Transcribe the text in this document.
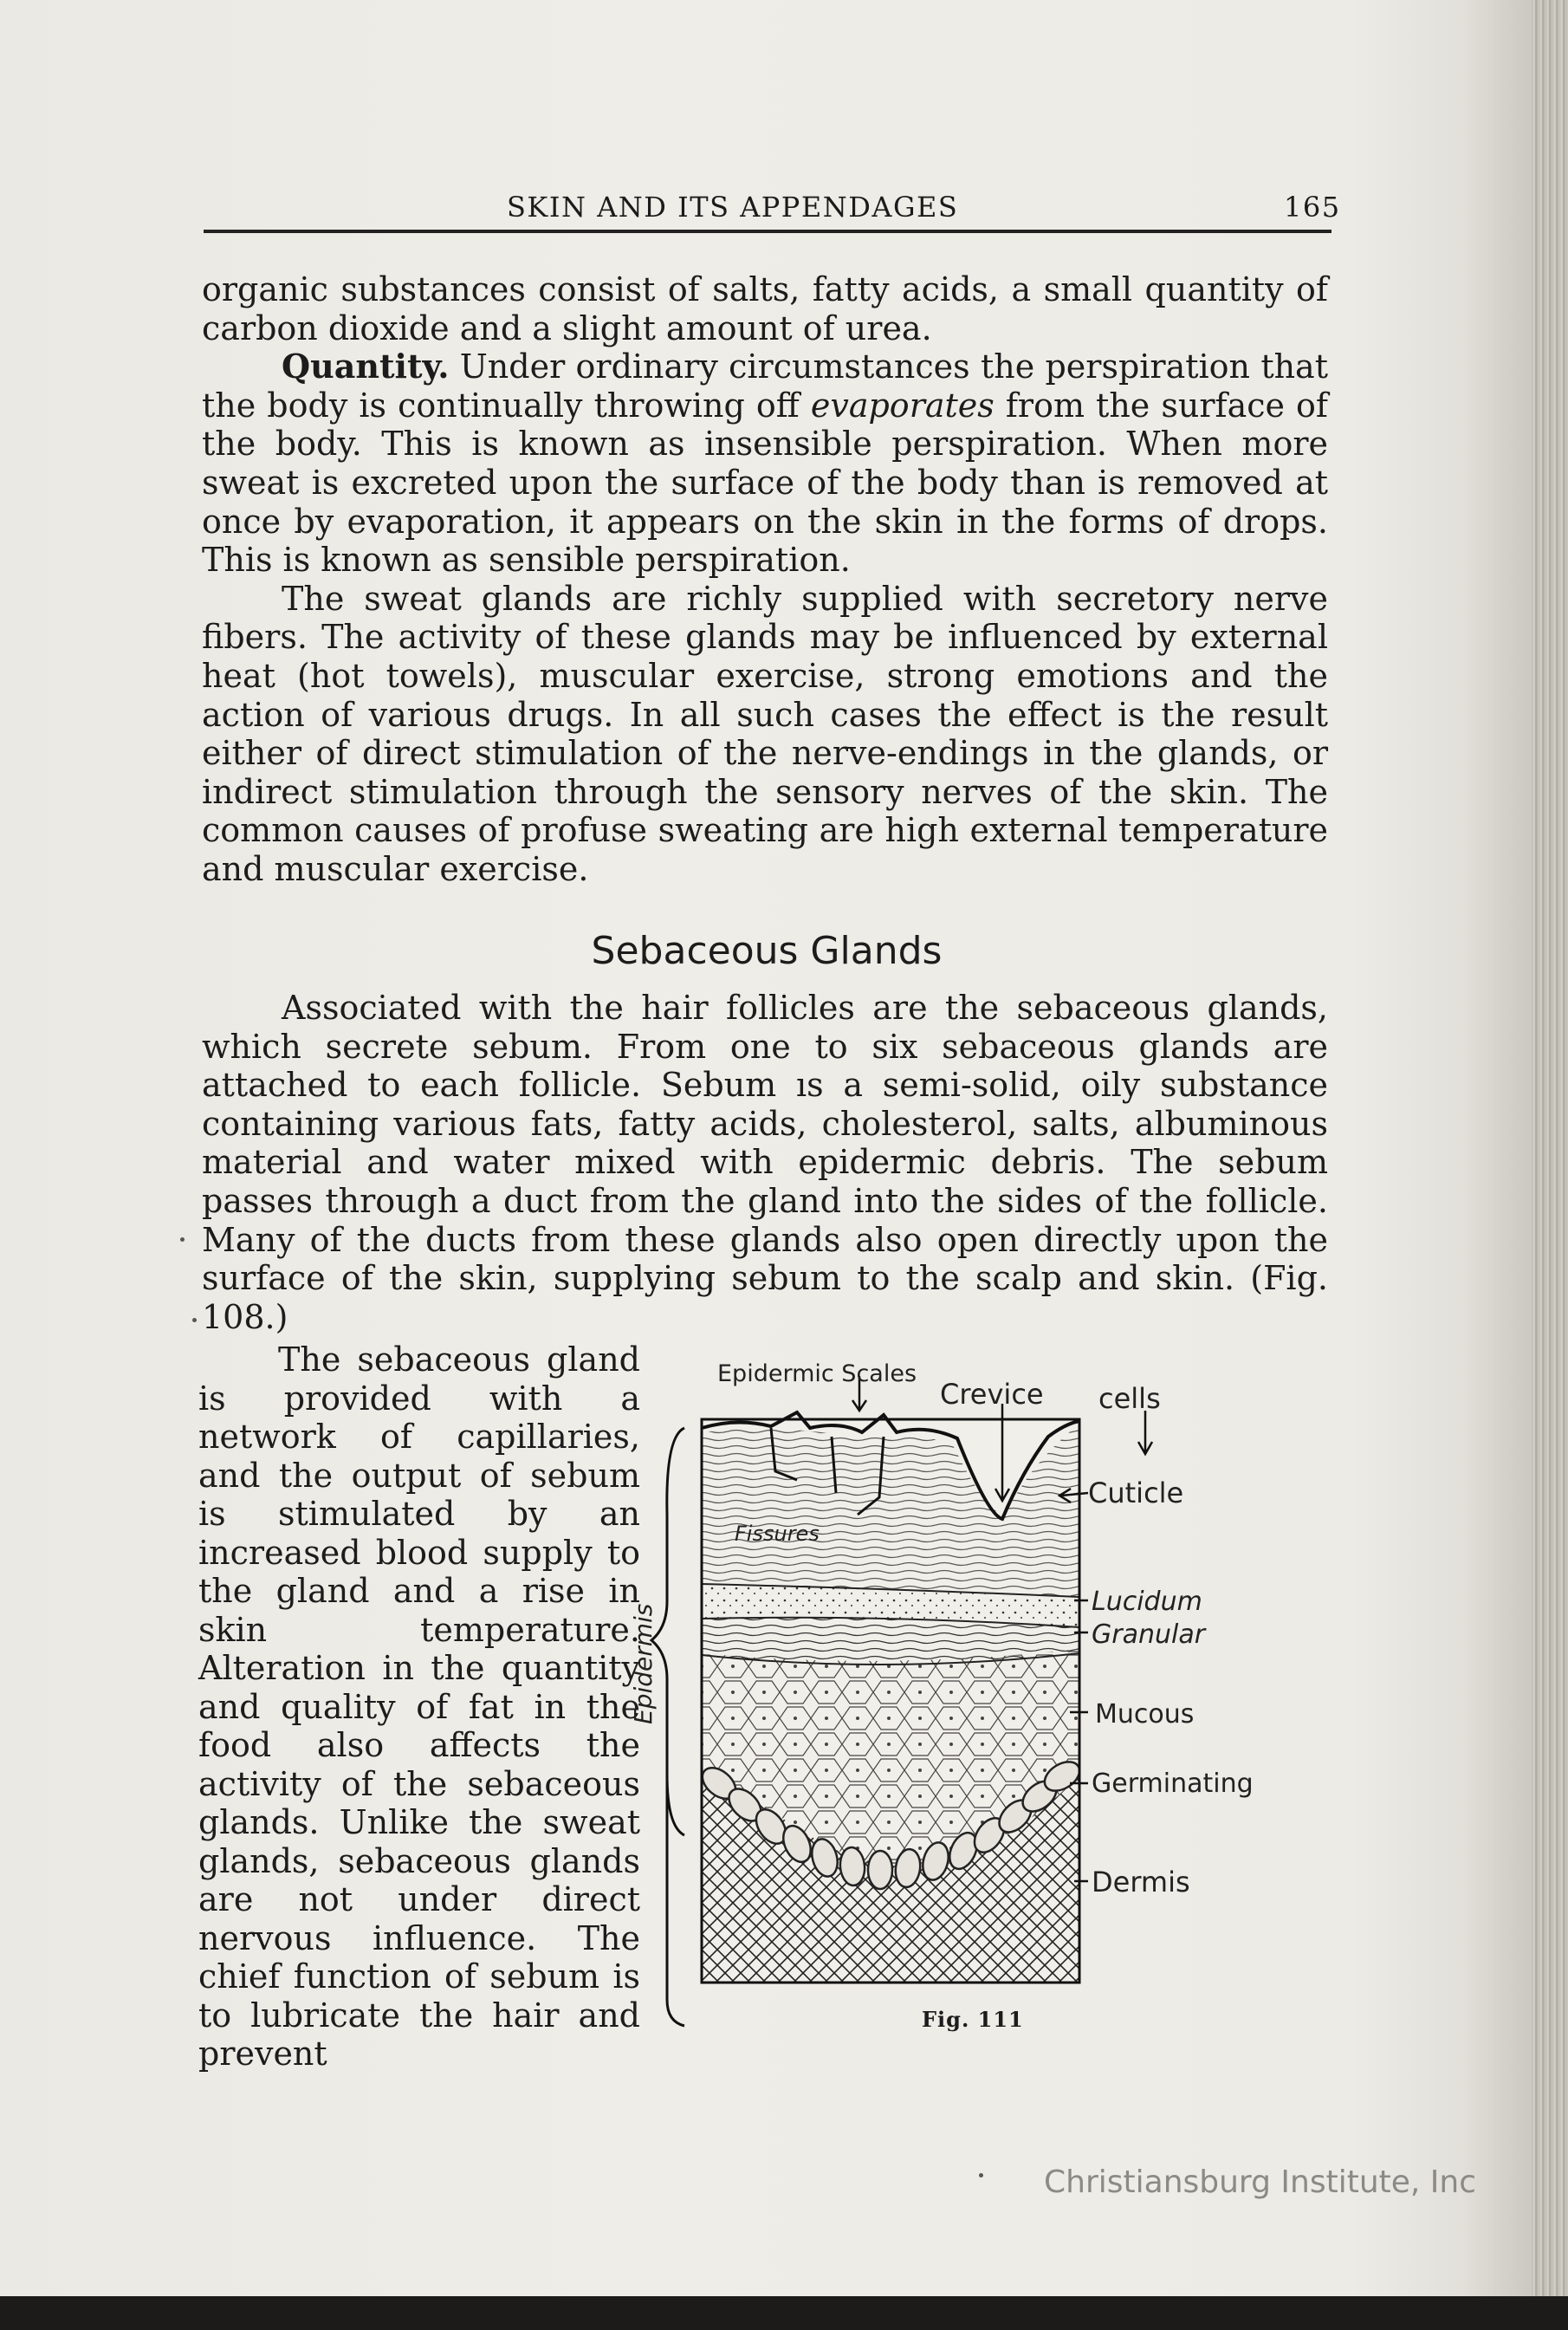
SKIN AND ITS APPENDAGES	165

organic substances consist of salts, fatty acids, a small quantity of carbon dioxide and a slight amount of urea.

Quantity. Under ordinary circumstances the perspiration that the body is continually throwing off evaporates from the surface of the body. This is known as insensible perspiration. When more sweat is excreted upon the surface of the body than is removed at once by evaporation, it appears on the skin in the forms of drops. This is known as sensible perspiration.

The sweat glands are richly supplied with secretory nerve fibers. The activity of these glands may be influenced by external heat (hot towels), muscular exercise, strong emotions and the action of various drugs. In all such cases the effect is the result either of direct stimulation of the nerve-endings in the glands, or indirect stimulation through the sensory nerves of the skin. The common causes of profuse sweating are high external temperature and muscular exercise.

Sebaceous Glands

Associated with the hair follicles are the sebaceous glands, which secrete sebum. From one to six sebaceous glands are attached to each follicle. Sebum ıs a semi-solid, oily substance containing various fats, fatty acids, cholesterol, salts, albuminous material and water mixed with epidermic debris. The sebum passes through a duct from the gland into the sides of the follicle. Many of the ducts from these glands also open directly upon the surface of the skin, supplying sebum to the scalp and skin. (Fig. 108.)

The sebaceous gland is provided with a network of capillaries, and the output of sebum is stimulated by an increased blood supply to the gland and a rise in skin temperature. Alteration in the quantity and quality of fat in the food also affects the activity of the sebaceous glands. Unlike the sweat glands, sebaceous glands are not under direct nervous influence. The chief function of sebum is to lubricate the hair and prevent

Epidermic Scales
Crevice cells
Cuticle
Fissures
Epidermis
Lucidum
Granular
Mucous
Germinating
Dermis
Fig. 111
Christiansburg Institute, Inc
